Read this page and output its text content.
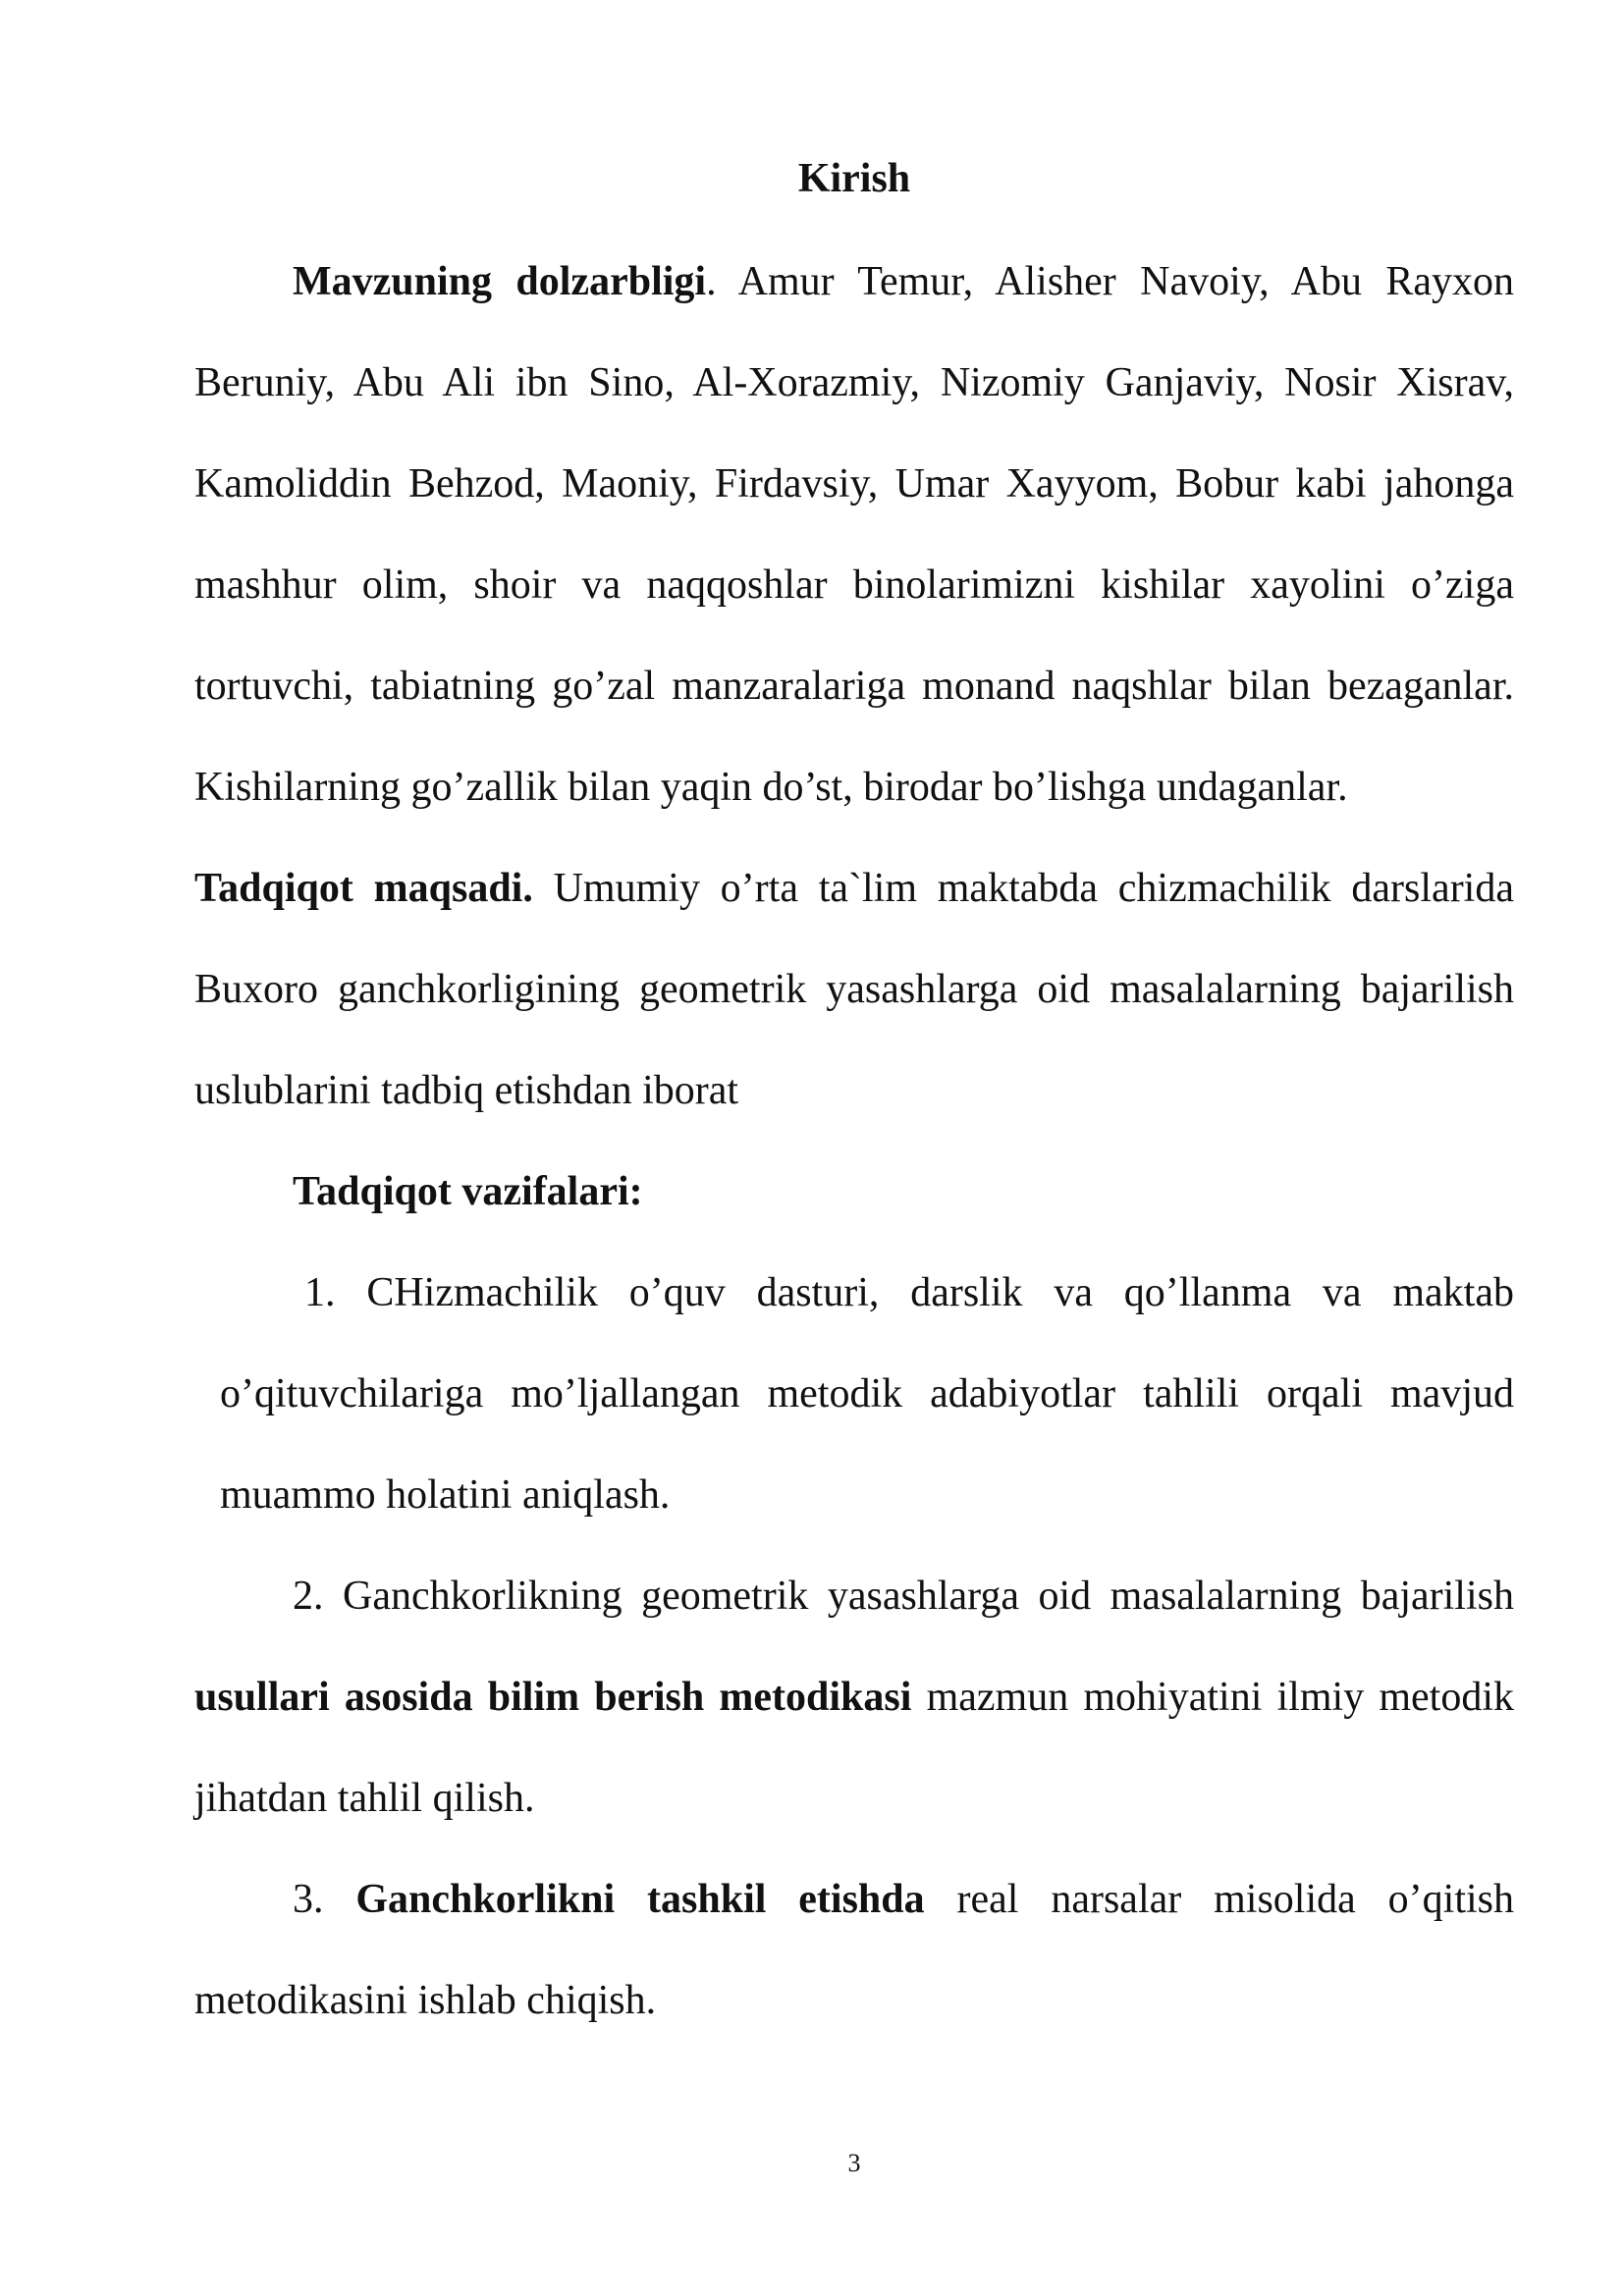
Kirish

Mavzuning dolzarbligi. Amur Temur, Alisher Navoiy, Abu Rayxon Beruniy, Abu Ali ibn Sino, Al-Xorazmiy, Nizomiy Ganjaviy, Nosir Xisrav, Kamoliddin Behzod, Maoniy, Firdavsiy, Umar Xayyom, Bobur kabi jahonga mashhur olim, shoir va naqqoshlar binolarimizni kishilar xayolini o’ziga tortuvchi, tabiatning go’zal manzaralariga monand naqshlar bilan bezaganlar. Kishilarning go’zallik bilan yaqin do’st, birodar bo’lishga undaganlar.

Tadqiqot maqsadi. Umumiy o’rta ta`lim maktabda chizmachilik darslarida Buxoro ganchkorligining geometrik yasashlarga oid masalalarning bajarilish uslublarini tadbiq etishdan iborat

Tadqiqot vazifalari:

1. CHizmachilik o’quv dasturi, darslik va qo’llanma va maktab o’qituvchilariga mo’ljallangan metodik adabiyotlar tahlili orqali mavjud muammo holatini aniqlash.

2. Ganchkorlikning geometrik yasashlarga oid masalalarning bajarilish usullari asosida bilim berish metodikasi mazmun mohiyatini ilmiy metodik jihatdan tahlil qilish.

3. Ganchkorlikni tashkil etishda real narsalar misolida o’qitish metodikasini ishlab chiqish.

3
